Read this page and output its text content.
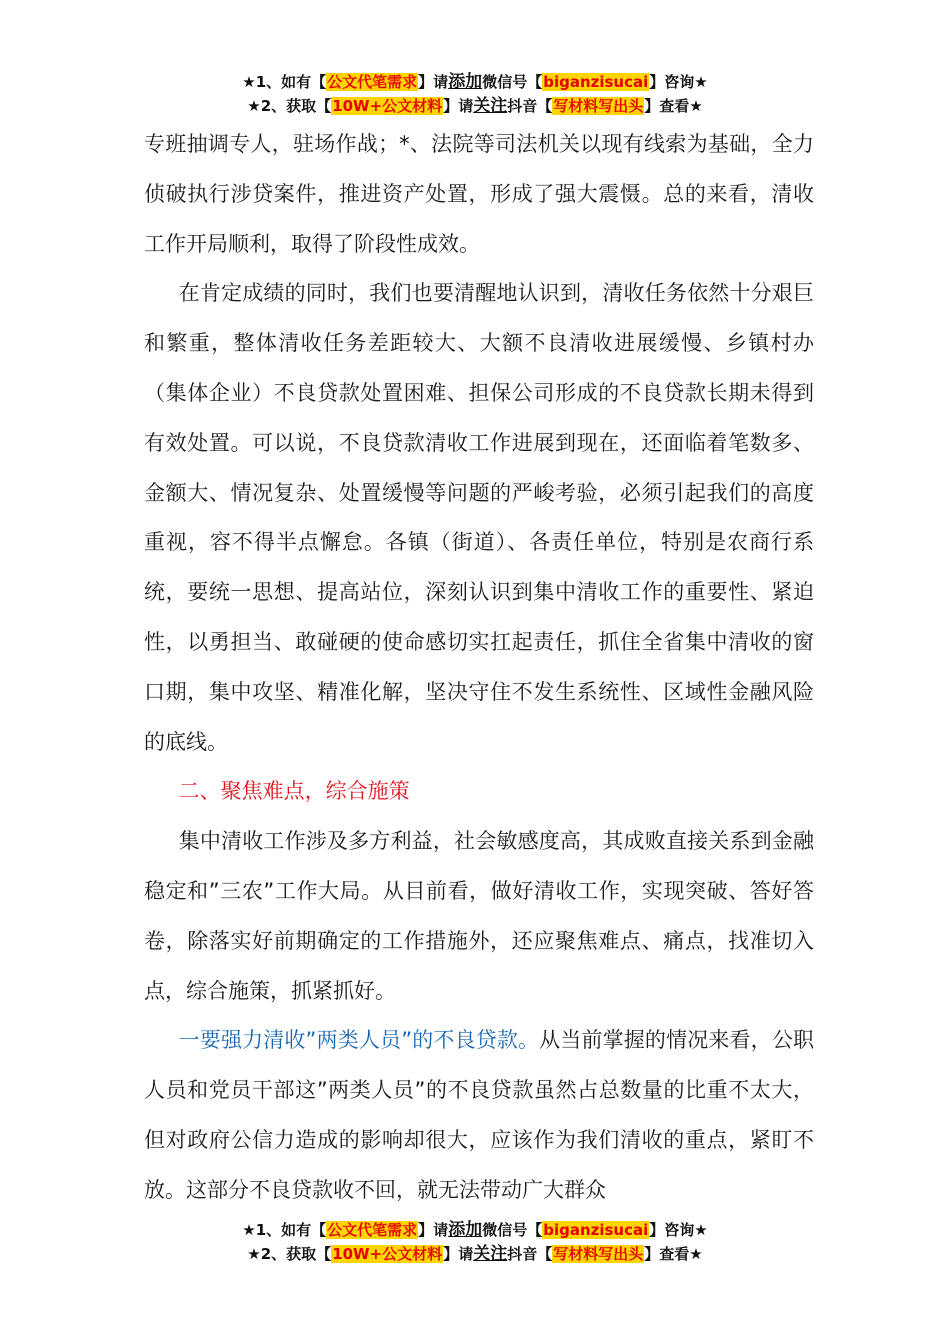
★1、如有【公文代笔需求】请添加微信号【biganzisucai】咨询★
★2、获取【10W+公文材料】请关注抖音【写材料写出头】查看★

专班抽调专人，驻场作战；*、法院等司法机关以现有线索为基础，全力侦破执行涉贷案件，推进资产处置，形成了强大震慑。总的来看，清收工作开局顺利，取得了阶段性成效。

在肯定成绩的同时，我们也要清醒地认识到，清收任务依然十分艰巨和繁重，整体清收任务差距较大、大额不良清收进展缓慢、乡镇村办（集体企业）不良贷款处置困难、担保公司形成的不良贷款长期未得到有效处置。可以说，不良贷款清收工作进展到现在，还面临着笔数多、金额大、情况复杂、处置缓慢等问题的严峻考验，必须引起我们的高度重视，容不得半点懈怠。各镇（街道）、各责任单位，特别是农商行系统，要统一思想、提高站位，深刻认识到集中清收工作的重要性、紧迫性，以勇担当、敢碰硬的使命感切实扛起责任，抓住全省集中清收的窗口期，集中攻坚、精准化解，坚决守住不发生系统性、区域性金融风险的底线。

二、聚焦难点，综合施策

集中清收工作涉及多方利益，社会敏感度高，其成败直接关系到金融稳定和”三农”工作大局。从目前看，做好清收工作，实现突破、答好答卷，除落实好前期确定的工作措施外，还应聚焦难点、痛点，找准切入点，综合施策，抓紧抓好。

一要强力清收”两类人员”的不良贷款。从当前掌握的情况来看，公职人员和党员干部这”两类人员”的不良贷款虽然占总数量的比重不太大，但对政府公信力造成的影响却很大，应该作为我们清收的重点，紧盯不放。这部分不良贷款收不回，就无法带动广大群众

★1、如有【公文代笔需求】请添加微信号【biganzisucai】咨询★
★2、获取【10W+公文材料】请关注抖音【写材料写出头】查看★
